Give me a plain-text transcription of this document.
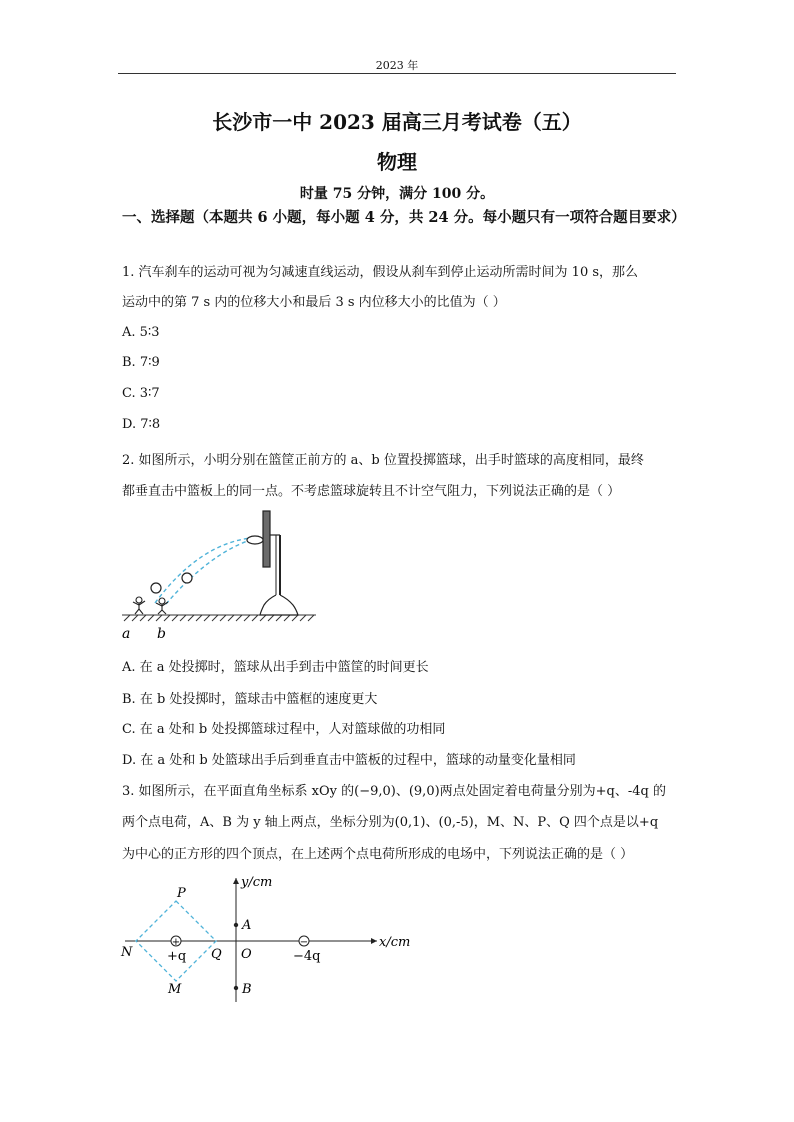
2023 年
长沙市一中 2023 届高三月考试卷（五）
物理
时量 75 分钟，满分 100 分。
一、选择题（本题共 6 小题，每小题 4 分，共 24 分。每小题只有一项符合题目要求）
1. 汽车刹车的运动可视为匀减速直线运动，假设从刹车到停止运动所需时间为 10 s，那么
运动中的第 7 s 内的位移大小和最后 3 s 内位移大小的比值为（ ）
A. 5∶3
B. 7∶9
C. 3∶7
D. 7∶8
2. 如图所示，小明分别在篮筐正前方的 a、b 位置投掷篮球，出手时篮球的高度相同，最终
都垂直击中篮板上的同一点。不考虑篮球旋转且不计空气阻力，下列说法正确的是（ ）
a b
A. 在 a 处投掷时，篮球从出手到击中篮筐的时间更长
B. 在 b 处投掷时，篮球击中篮框的速度更大
C. 在 a 处和 b 处投掷篮球过程中，人对篮球做的功相同
D. 在 a 处和 b 处篮球出手后到垂直击中篮板的过程中，篮球的动量变化量相同
3. 如图所示，在平面直角坐标系 xOy 的(−9,0)、(9,0)两点处固定着电荷量分别为+q、-4q 的
两个点电荷，A、B 为 y 轴上两点，坐标分别为(0,1)、(0,-5)，M、N、P、Q 四个点是以+q
为中心的正方形的四个顶点，在上述两个点电荷所形成的电场中，下列说法正确的是（ ）
+	−
y/cm
x/cm
P
N	Q
M
O
A
B
+q	−4q
